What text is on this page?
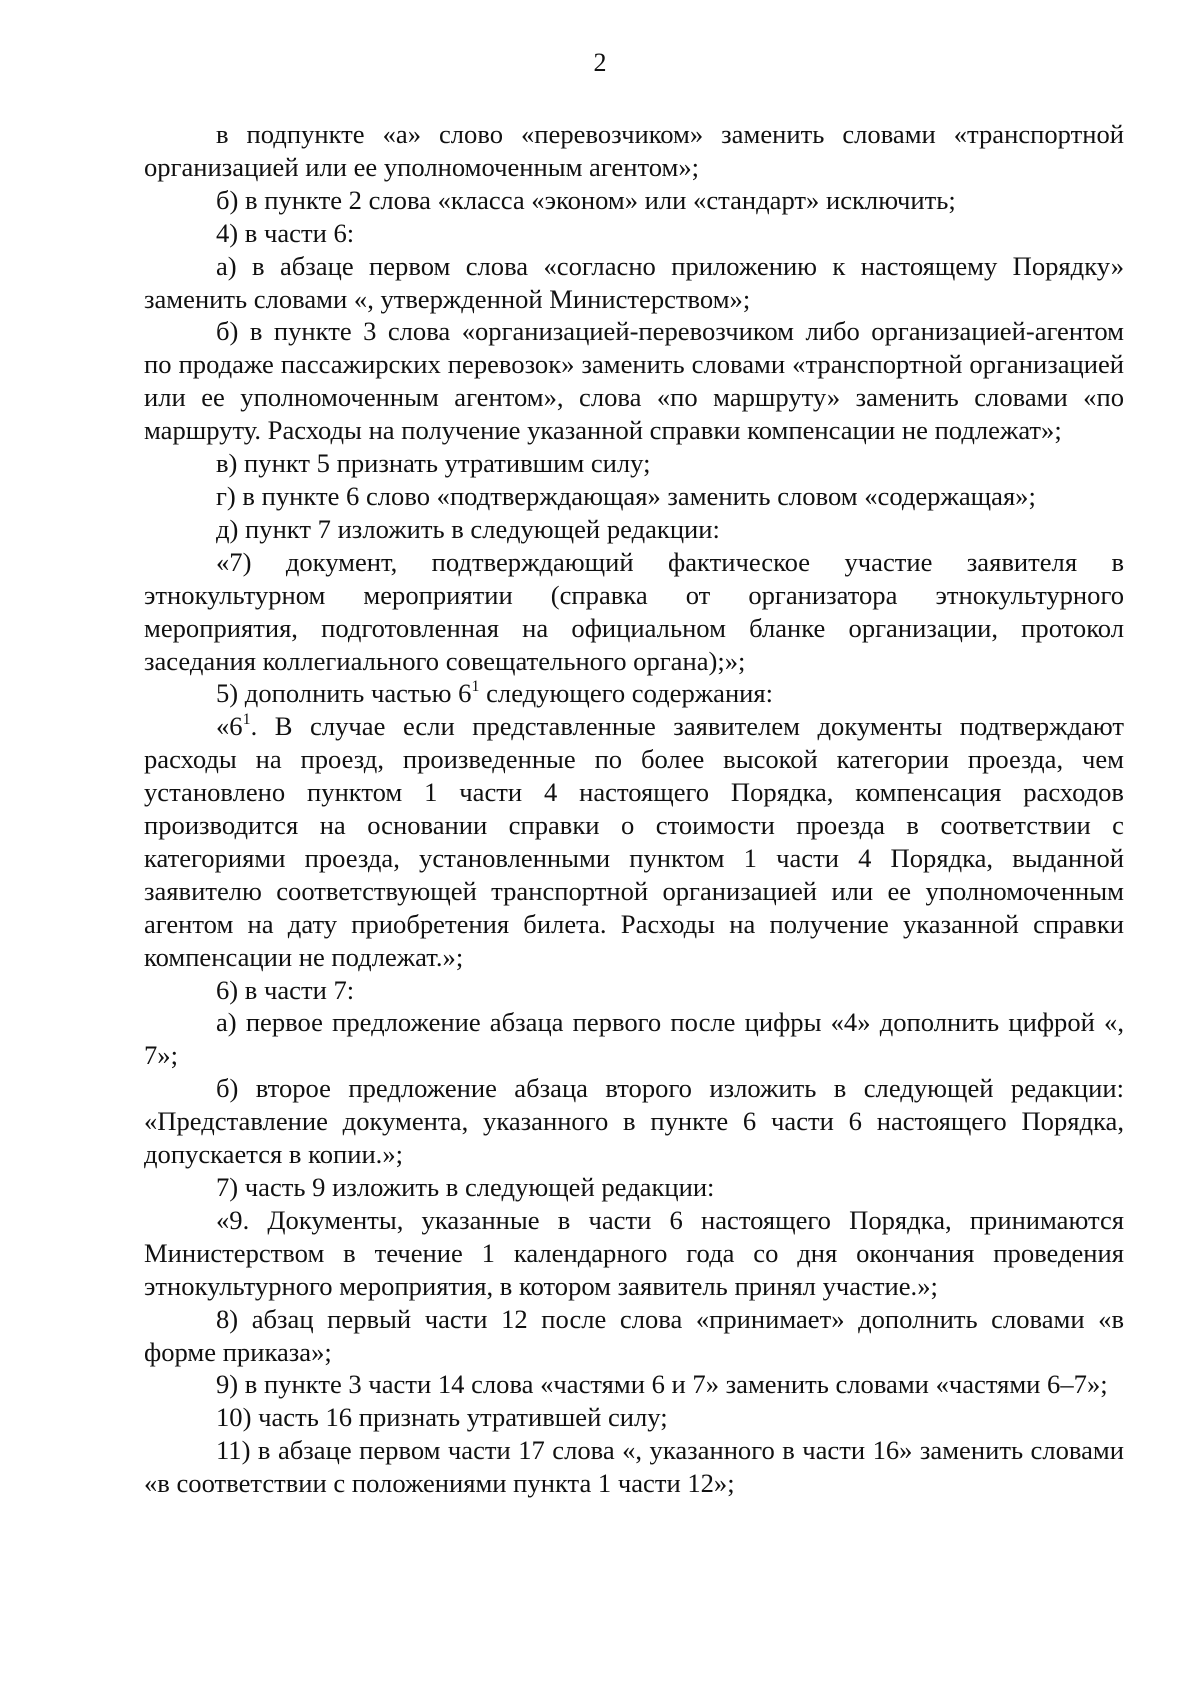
2

в подпункте «а» слово «перевозчиком» заменить словами «транспортной организацией или ее уполномоченным агентом»;

б) в пункте 2 слова «класса «эконом» или «стандарт» исключить;

4) в части 6:

а) в абзаце первом слова «согласно приложению к настоящему Порядку» заменить словами «, утвержденной Министерством»;

б) в пункте 3 слова «организацией-перевозчиком либо организацией-агентом по продаже пассажирских перевозок» заменить словами «транспортной организацией или ее уполномоченным агентом», слова «по маршруту» заменить словами «по маршруту. Расходы на получение указанной справки компенсации не подлежат»;

в) пункт 5 признать утратившим силу;

г) в пункте 6 слово «подтверждающая» заменить словом «содержащая»;

д) пункт 7 изложить в следующей редакции:

«7) документ, подтверждающий фактическое участие заявителя в этнокультурном мероприятии (справка от организатора этнокультурного мероприятия, подготовленная на официальном бланке организации, протокол заседания коллегиального совещательного органа);»;

5) дополнить частью $6^1$ следующего содержания:

«$6^1$. В случае если представленные заявителем документы подтверждают расходы на проезд, произведенные по более высокой категории проезда, чем установлено пунктом 1 части 4 настоящего Порядка, компенсация расходов производится на основании справки о стоимости проезда в соответствии с категориями проезда, установленными пунктом 1 части 4 Порядка, выданной заявителю соответствующей транспортной организацией или ее уполномоченным агентом на дату приобретения билета. Расходы на получение указанной справки компенсации не подлежат.»;

6) в части 7:

а) первое предложение абзаца первого после цифры «4» дополнить цифрой «, 7»;

б) второе предложение абзаца второго изложить в следующей редакции: «Представление документа, указанного в пункте 6 части 6 настоящего Порядка, допускается в копии.»;

7) часть 9 изложить в следующей редакции:

«9. Документы, указанные в части 6 настоящего Порядка, принимаются Министерством в течение 1 календарного года со дня окончания проведения этнокультурного мероприятия, в котором заявитель принял участие.»;

8) абзац первый части 12 после слова «принимает» дополнить словами «в форме приказа»;

9) в пункте 3 части 14 слова «частями 6 и 7» заменить словами «частями 6–7»;

10) часть 16 признать утратившей силу;

11) в абзаце первом части 17 слова «, указанного в части 16» заменить словами «в соответствии с положениями пункта 1 части 12»;
